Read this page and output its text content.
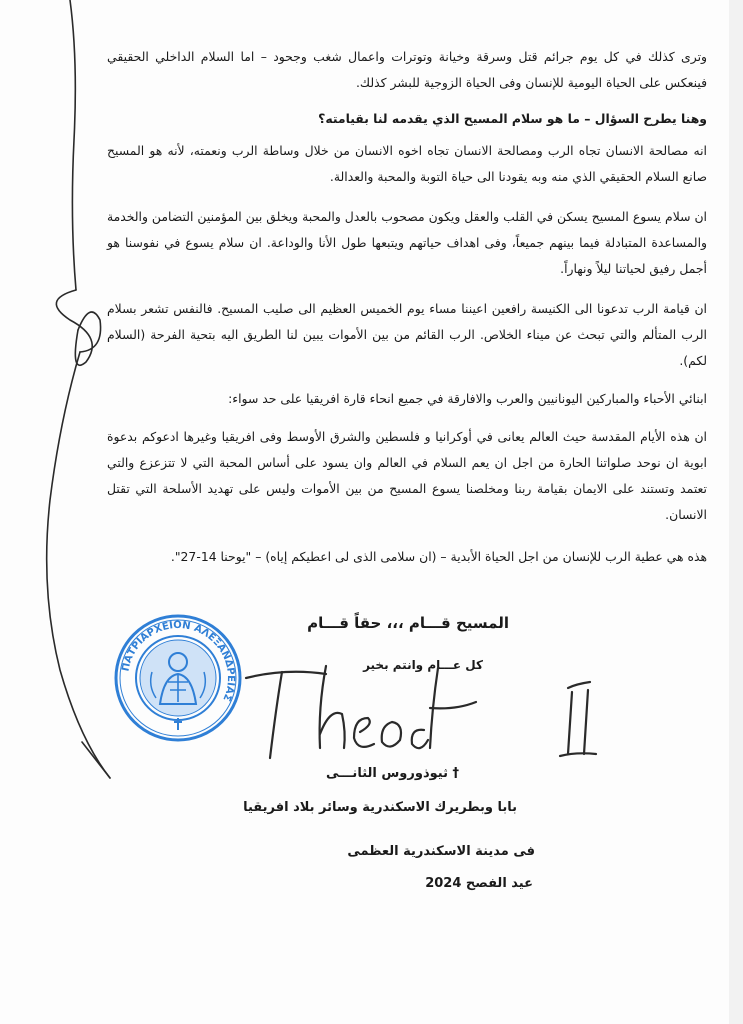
وترى كذلك في كل يوم جرائم قتل وسرقة وخيانة وتوترات واعمال شغب وجحود – اما السلام الداخلي الحقيقي فينعكس على الحياة اليومية للإنسان وفى الحياة الزوجية للبشر كذلك.
وهنا يطرح السؤال – ما هو سلام المسيح الذي يقدمه لنا بقيامته؟
انه مصالحة الانسان تجاه الرب ومصالحة الانسان تجاه اخوه الانسان من خلال وساطة الرب ونعمته، لأنه هو المسيح صانع السلام الحقيقي الذي منه وبه يقودنا الى حياة التوبة والمحبة والعدالة.
ان سلام يسوع المسيح يسكن في القلب والعقل ويكون مصحوب بالعدل والمحبة ويخلق بين المؤمنين التضامن والخدمة والمساعدة المتبادلة فيما بينهم جميعاً، وفى اهداف حياتهم ويتبعها طول الأنا والوداعة. ان سلام يسوع في نفوسنا هو أجمل رفيق لحياتنا ليلاً ونهاراً.
ان قيامة الرب تدعونا الى الكنيسة رافعين اعيننا مساء يوم الخميس العظيم الى صليب المسيح. فالنفس تشعر بسلام الرب المتألم والتي تبحث عن ميناء الخلاص. الرب القائم من بين الأموات يبين لنا الطريق اليه بتحية الفرحة (السلام لكم).
ابنائي الأحباء والمباركين اليونانيين والعرب والافارقة في جميع انحاء قارة افريقيا على حد سواء:
ان هذه الأيام المقدسة حيث العالم يعانى في أوكرانيا و فلسطين والشرق الأوسط وفى افريقيا وغيرها ادعوكم بدعوة ابوية ان نوحد صلواتنا الحارة من اجل ان يعم السلام في العالم وان يسود على أساس المحبة التي لا تتزعزع والتي تعتمد وتستند على الايمان بقيامة ربنا ومخلصنا يسوع المسيح من بين الأموات وليس على تهديد الأسلحة التي تقتل الانسان.
هذه هي عطية الرب للإنسان من اجل الحياة الأبدية – (ان سلامى الذى لى اعطيكم إياه) – "يوحنا 14-27".
المسيح قـــام ،،، حقاً قـــام
كل عـــام وانتم بخير
† ثيوذوروس الثانـــى
بابا وبطريرك الاسكندرية وسائر بلاد افريقيا
فى مدينة الاسكندرية العظمى
عيد الفصح 2024
ΠΑΤΡΙΑΡΧΕΙΟΝ ΑΛΕΞΑΝΔΡΕΙΑΣ
